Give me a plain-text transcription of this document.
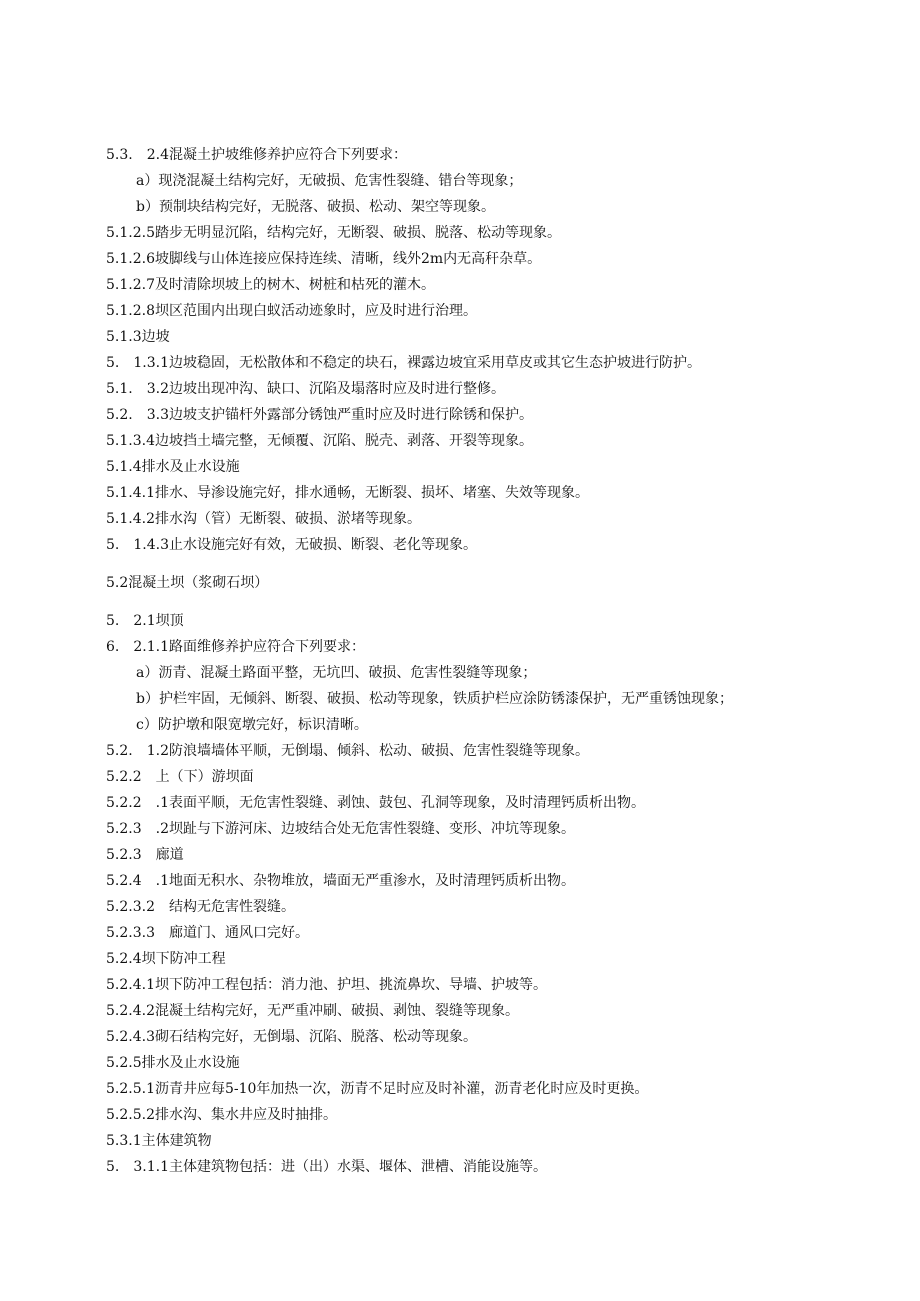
5.3.　2.4混凝土护坡维修养护应符合下列要求：
a）现浇混凝土结构完好，无破损、危害性裂缝、错台等现象；
b）预制块结构完好，无脱落、破损、松动、架空等现象。
5.1.2.5踏步无明显沉陷，结构完好，无断裂、破损、脱落、松动等现象。
5.1.2.6坡脚线与山体连接应保持连续、清晰，线外2m内无高秆杂草。
5.1.2.7及时清除坝坡上的树木、树桩和枯死的灌木。
5.1.2.8坝区范围内出现白蚁活动迹象时，应及时进行治理。
5.1.3边坡
5.　1.3.1边坡稳固，无松散体和不稳定的块石，裸露边坡宜采用草皮或其它生态护坡进行防护。
5.1.　3.2边坡出现冲沟、缺口、沉陷及塌落时应及时进行整修。
5.2.　3.3边坡支护锚杆外露部分锈蚀严重时应及时进行除锈和保护。
5.1.3.4边坡挡土墙完整，无倾覆、沉陷、脱壳、剥落、开裂等现象。
5.1.4排水及止水设施
5.1.4.1排水、导渗设施完好，排水通畅，无断裂、损坏、堵塞、失效等现象。
5.1.4.2排水沟（管）无断裂、破损、淤堵等现象。
5.　1.4.3止水设施完好有效，无破损、断裂、老化等现象。
5.2混凝土坝（浆砌石坝）
5.　2.1坝顶
6.　2.1.1路面维修养护应符合下列要求：
a）沥青、混凝土路面平整，无坑凹、破损、危害性裂缝等现象；
b）护栏牢固，无倾斜、断裂、破损、松动等现象，铁质护栏应涂防锈漆保护，无严重锈蚀现象；
c）防护墩和限宽墩完好，标识清晰。
5.2.　1.2防浪墙墙体平顺，无倒塌、倾斜、松动、破损、危害性裂缝等现象。
5.2.2　上（下）游坝面
5.2.2　.1表面平顺，无危害性裂缝、剥蚀、鼓包、孔洞等现象，及时清理钙质析出物。
5.2.3　.2坝趾与下游河床、边坡结合处无危害性裂缝、变形、冲坑等现象。
5.2.3　廊道
5.2.4　.1地面无积水、杂物堆放，墙面无严重渗水，及时清理钙质析出物。
5.2.3.2　结构无危害性裂缝。
5.2.3.3　廊道门、通风口完好。
5.2.4坝下防冲工程
5.2.4.1坝下防冲工程包括：消力池、护坦、挑流鼻坎、导墙、护坡等。
5.2.4.2混凝土结构完好，无严重冲刷、破损、剥蚀、裂缝等现象。
5.2.4.3砌石结构完好，无倒塌、沉陷、脱落、松动等现象。
5.2.5排水及止水设施
5.2.5.1沥青井应每5-10年加热一次，沥青不足时应及时补灌，沥青老化时应及时更换。
5.2.5.2排水沟、集水井应及时抽排。
5.3.1主体建筑物
5.　3.1.1主体建筑物包括：进（出）水渠、堰体、泄槽、消能设施等。
